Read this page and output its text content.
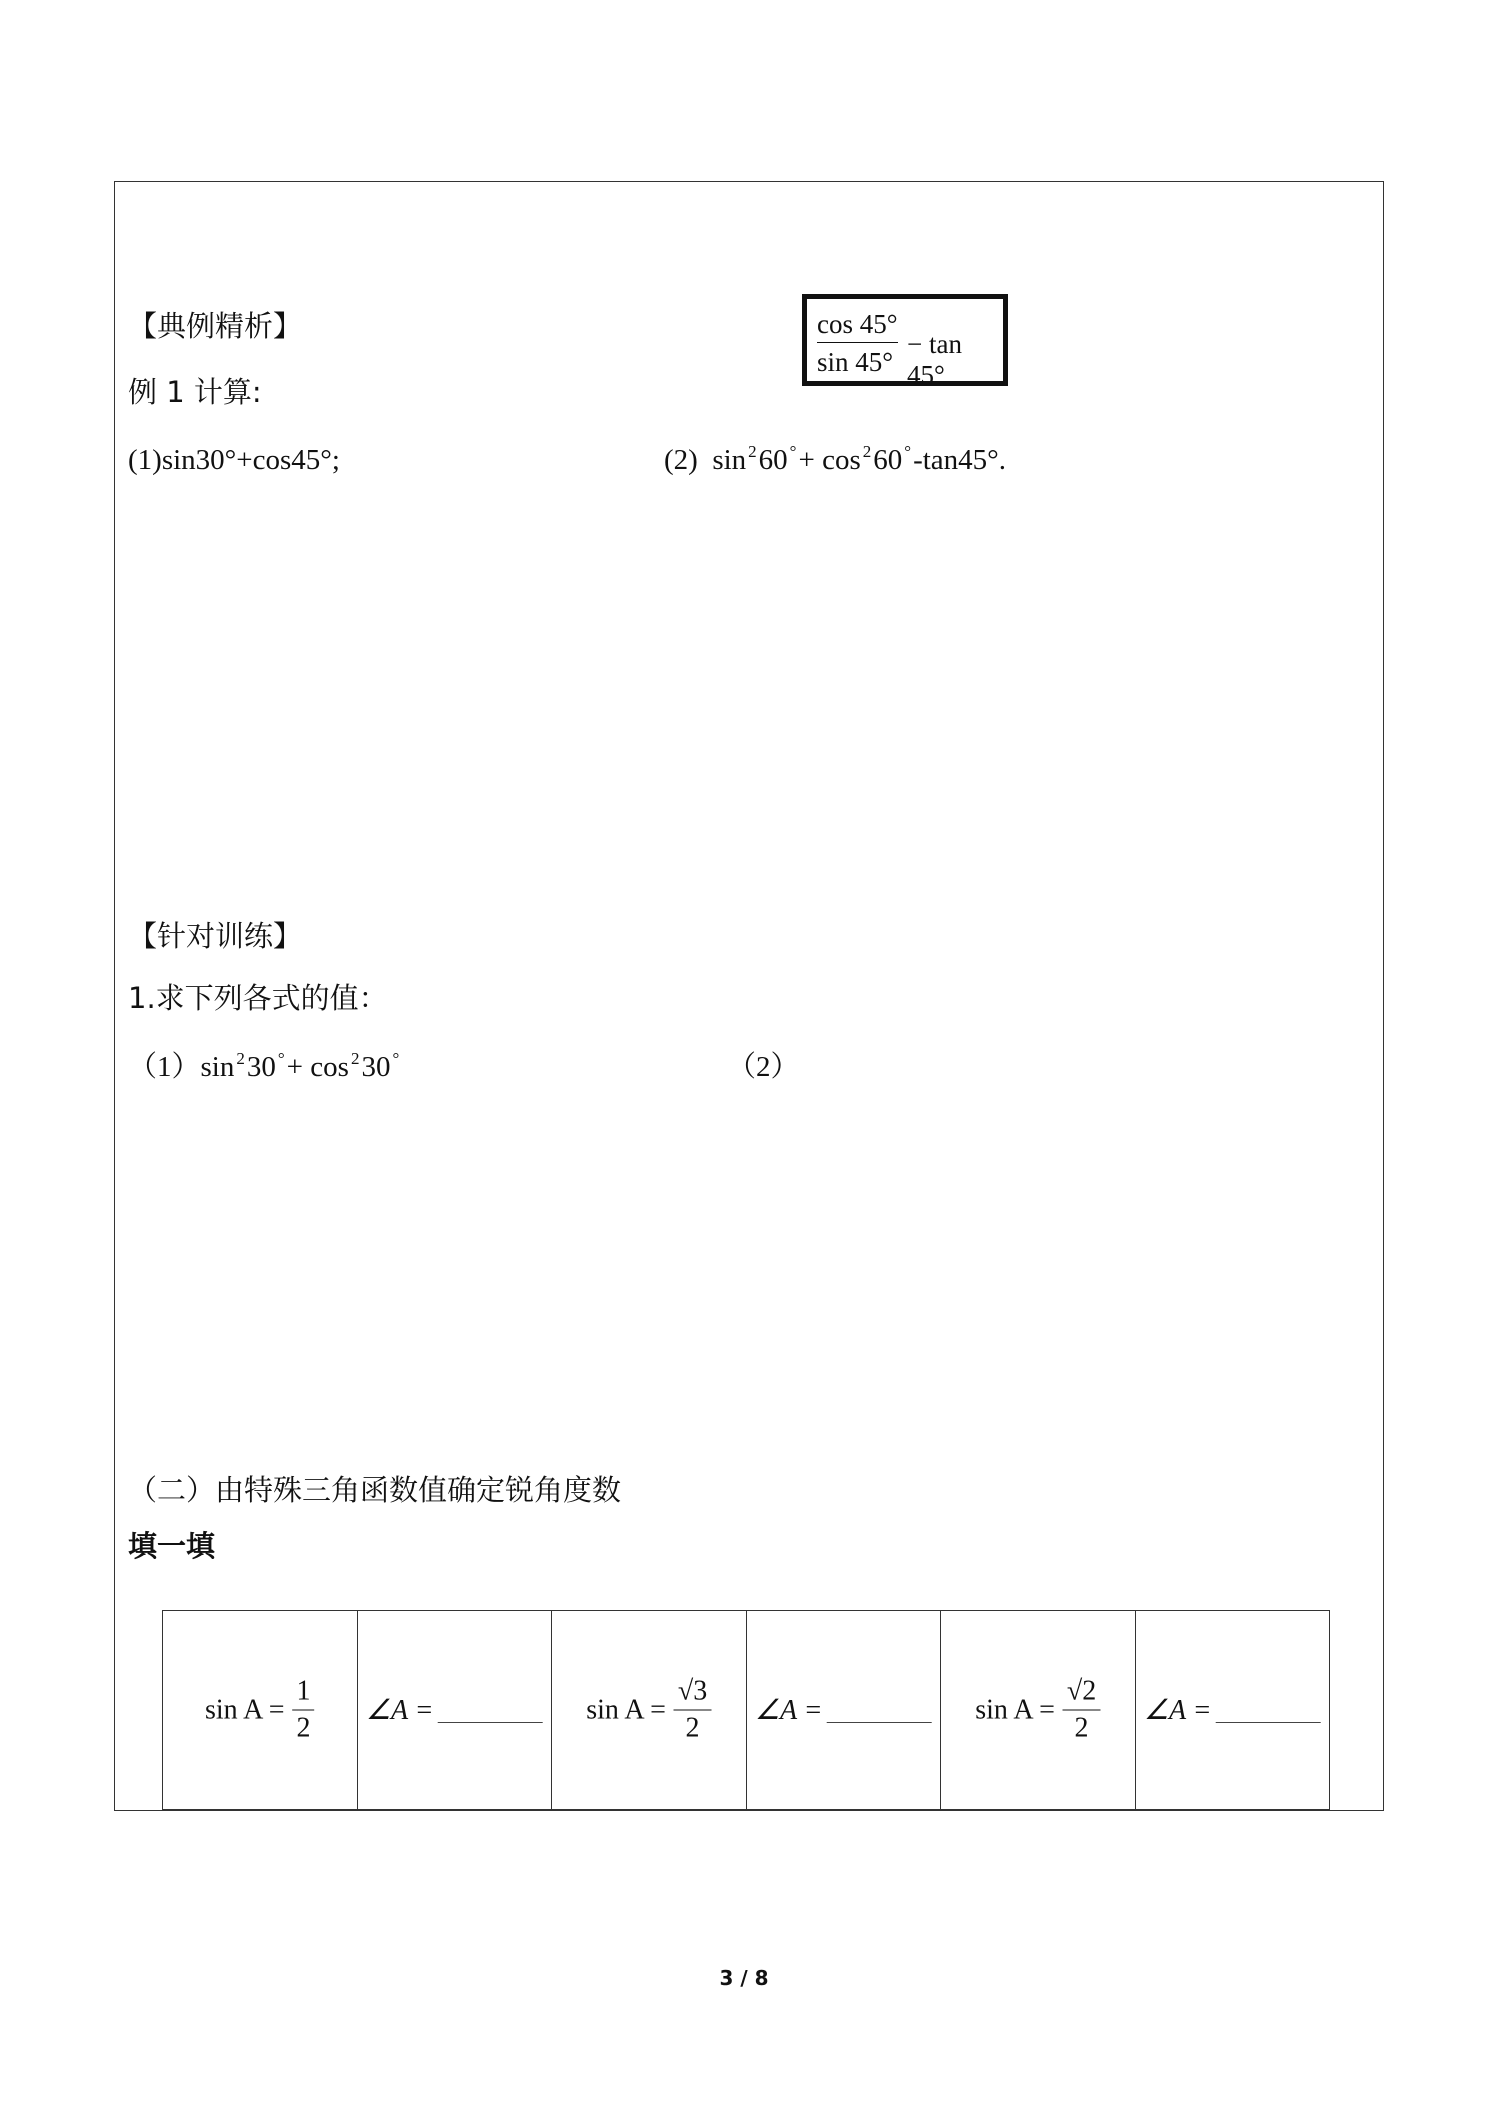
【典例精析】
例 1 计算:
cos 45°
sin 45°
− tan 45°
(1)sin30°+cos45°;	(2) sin $^2$60 °+ cos $^2$60 °-tan45°.
【针对训练】
1.求下列各式的值：
（1）sin $^2$30 °+ cos $^2$30 °	（2）
（二）由特殊三角函数值确定锐角度数
填一填
$\sin A = \frac{1}{2}$	∠A =	$\sin A = \frac{√3}{2}$	∠A =	$\sin A = \frac{√2}{2}$	∠A =
3 / 8
